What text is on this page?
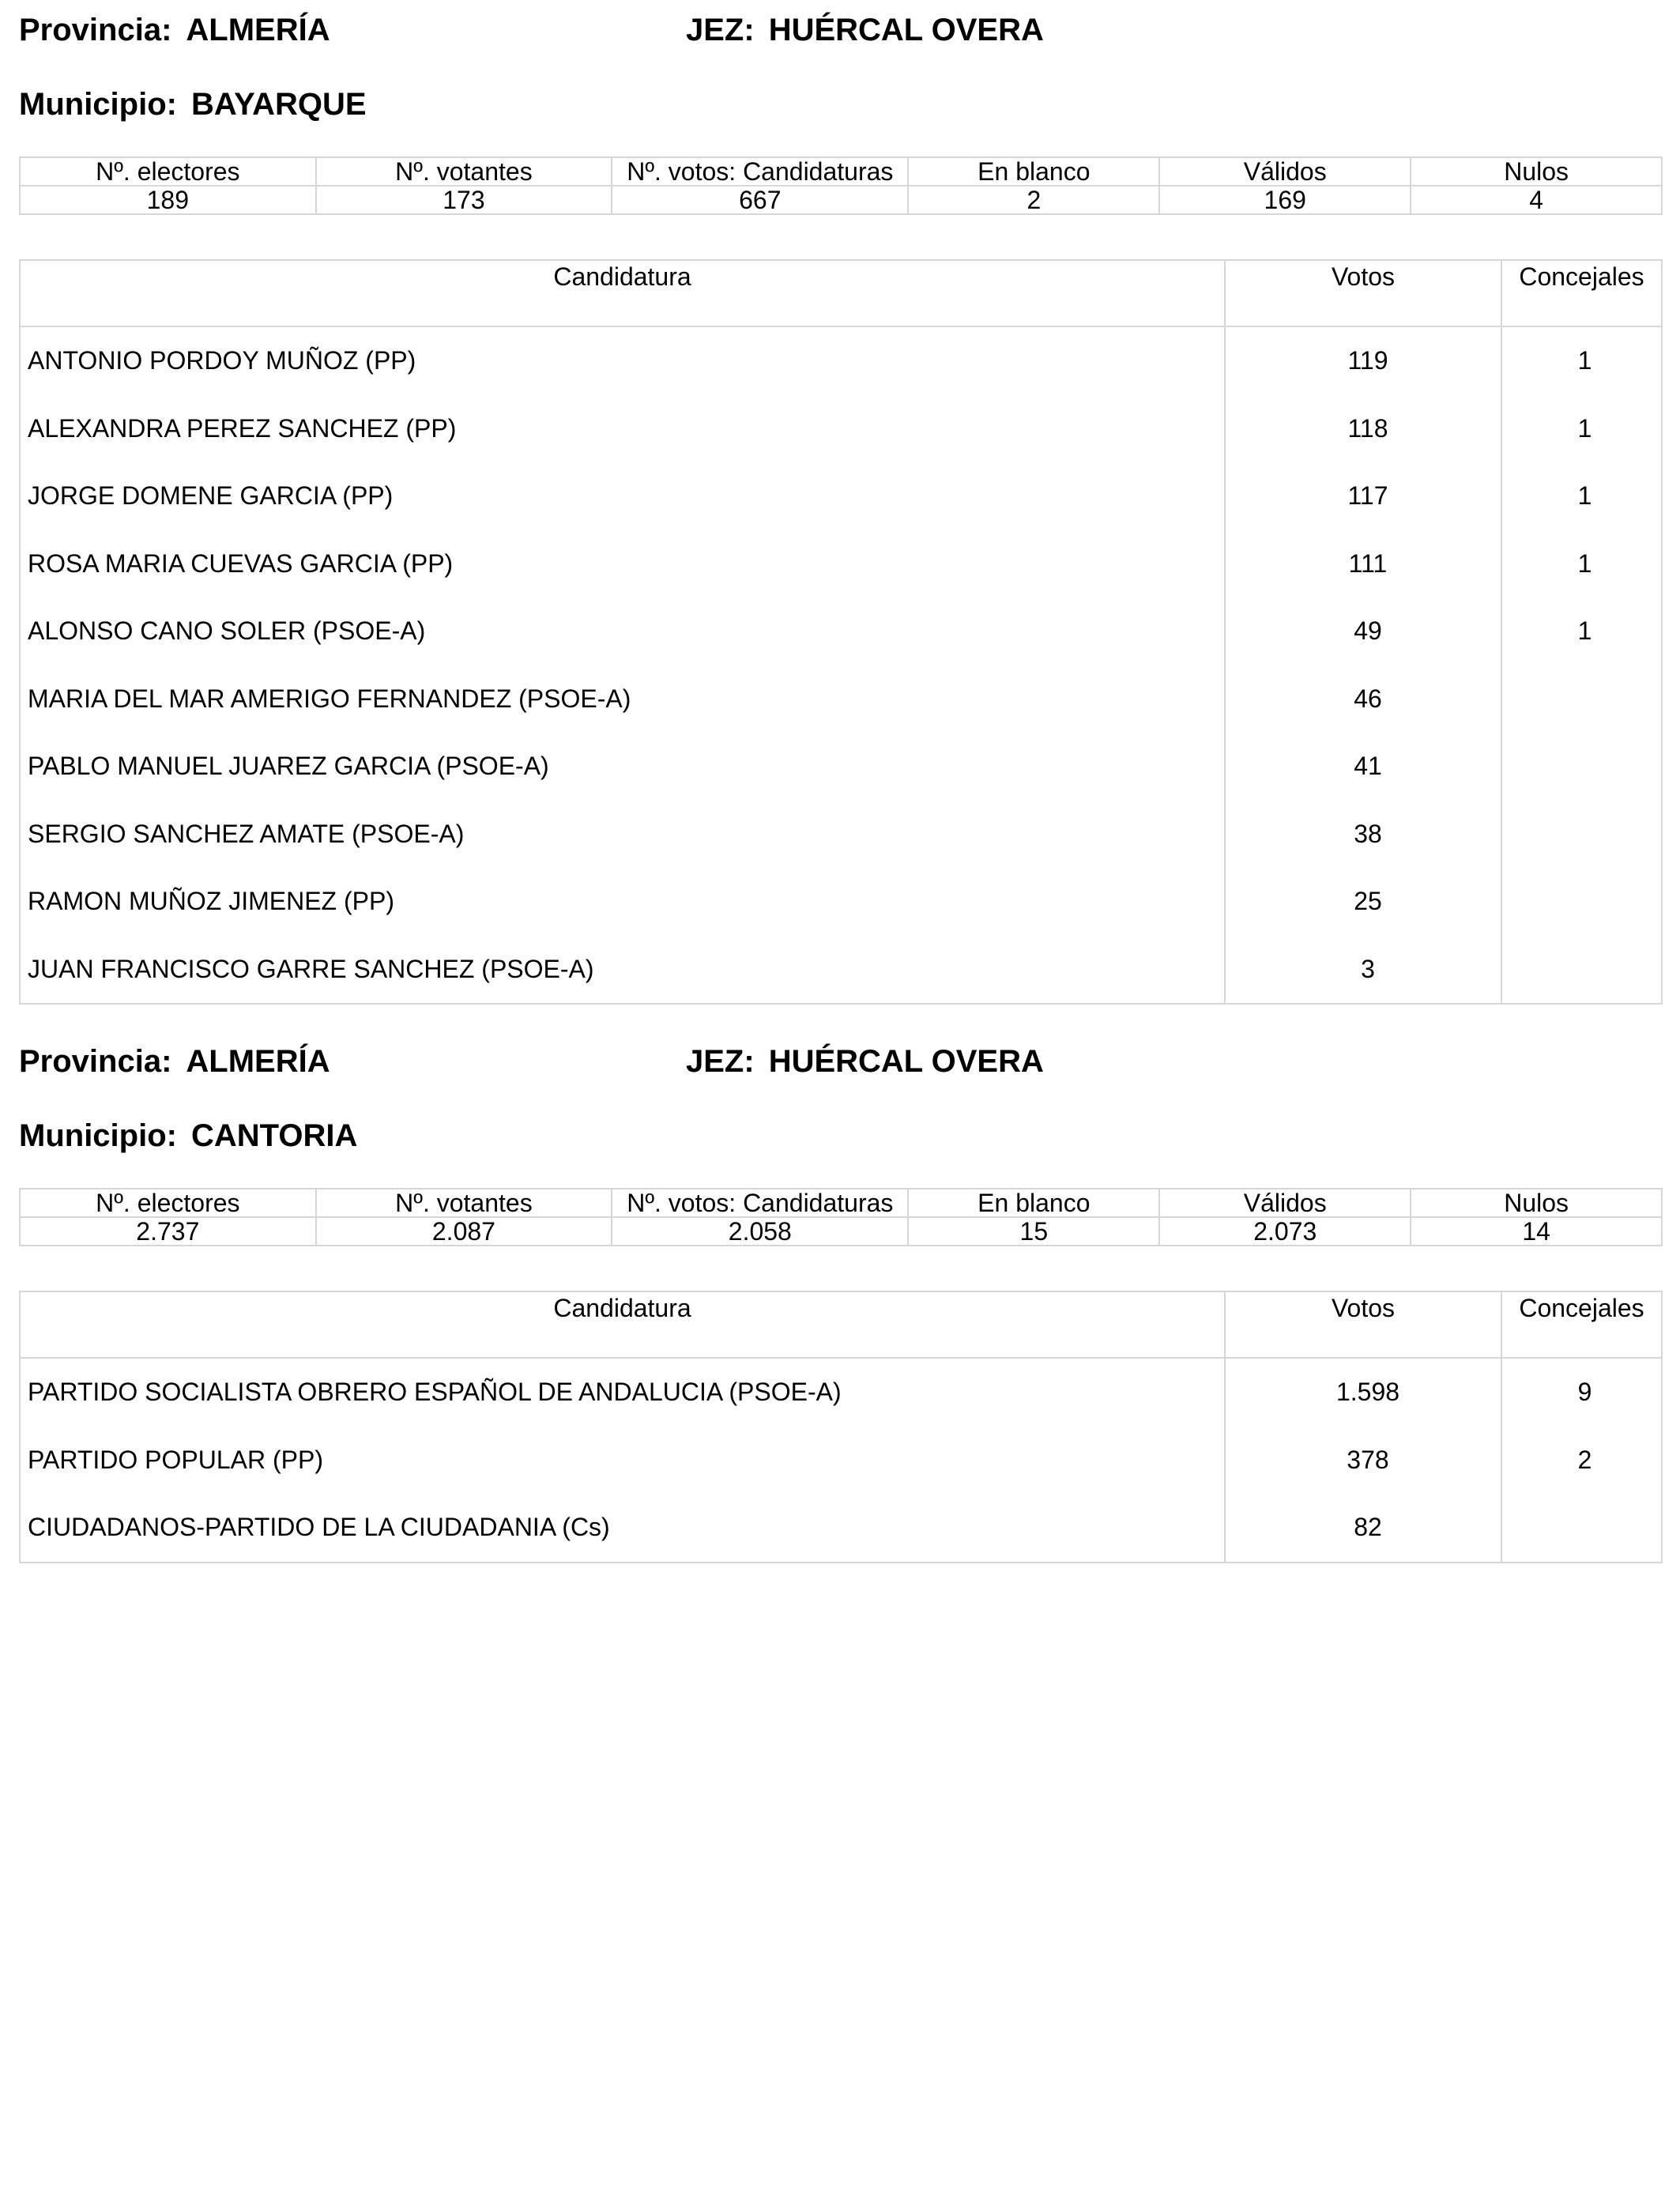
Provincia: ALMERÍA	JEZ: HUÉRCAL OVERA
Municipio: BAYARQUE
Nº. electores	Nº. votantes	Nº. votos: Candidaturas	En blanco	Válidos	Nulos
189	173	667	2	169	4
Candidatura	Votos	Concejales
ANTONIO PORDOY MUÑOZ (PP)	119	1
ALEXANDRA PEREZ SANCHEZ (PP)	118	1
JORGE DOMENE GARCIA (PP)	117	1
ROSA MARIA CUEVAS GARCIA (PP)	111	1
ALONSO CANO SOLER (PSOE-A)	49	1
MARIA DEL MAR AMERIGO FERNANDEZ (PSOE-A)	46	
PABLO MANUEL JUAREZ GARCIA (PSOE-A)	41	
SERGIO SANCHEZ AMATE (PSOE-A)	38	
RAMON MUÑOZ JIMENEZ (PP)	25	
JUAN FRANCISCO GARRE SANCHEZ (PSOE-A)	3	
Provincia: ALMERÍA	JEZ: HUÉRCAL OVERA
Municipio: CANTORIA
Nº. electores	Nº. votantes	Nº. votos: Candidaturas	En blanco	Válidos	Nulos
2.737	2.087	2.058	15	2.073	14
Candidatura	Votos	Concejales
PARTIDO SOCIALISTA OBRERO ESPAÑOL DE ANDALUCIA (PSOE-A)	1.598	9
PARTIDO POPULAR (PP)	378	2
CIUDADANOS-PARTIDO DE LA CIUDADANIA (Cs)	82	
